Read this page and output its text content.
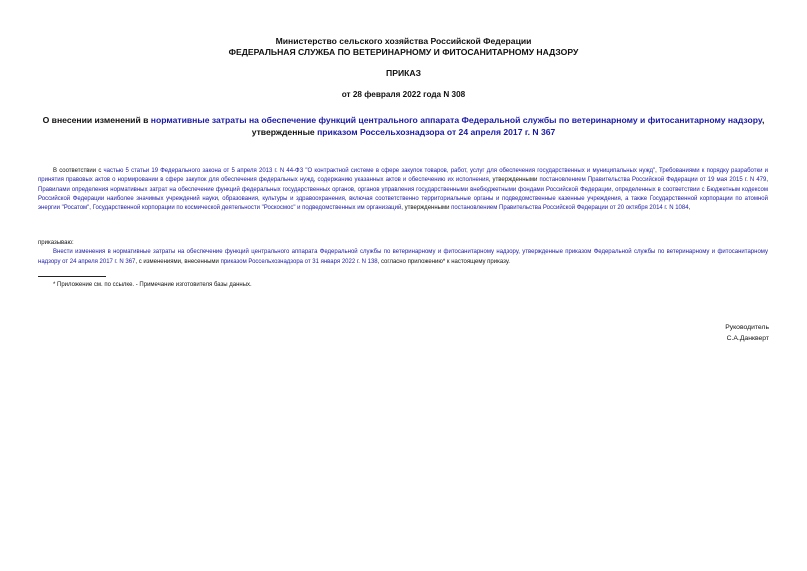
Министерство сельского хозяйства Российской Федерации
ФЕДЕРАЛЬНАЯ СЛУЖБА ПО ВЕТЕРИНАРНОМУ И ФИТОСАНИТАРНОМУ НАДЗОРУ
ПРИКАЗ
от 28 февраля 2022 года N 308
О внесении изменений в нормативные затраты на обеспечение функций центрального аппарата Федеральной службы по ветеринарному и фитосанитарному надзору, утвержденные приказом Россельхознадзора от 24 апреля 2017 г. N 367

В соответствии с частью 5 статьи 19 Федерального закона от 5 апреля 2013 г. N 44-ФЗ "О контрактной системе в сфере закупок товаров, работ, услуг для обеспечения государственных и муниципальных нужд", Требованиями к порядку разработки и принятия правовых актов о нормировании в сфере закупок для обеспечения федеральных нужд, содержанию указанных актов и обеспечению их исполнения, утвержденными постановлением Правительства Российской Федерации от 19 мая 2015 г. N 479, Правилами определения нормативных затрат на обеспечение функций федеральных государственных органов, органов управления государственными внебюджетными фондами Российской Федерации, определенных в соответствии с Бюджетным кодексом Российской Федерации наиболее значимых учреждений науки, образования, культуры и здравоохранения, включая соответственно территориальные органы и подведомственные казенные учреждения, а также Государственной корпорации по атомной энергии "Росатом", Государственной корпорации по космической деятельности "Роскосмос" и подведомственных им организаций, утвержденными постановлением Правительства Российской Федерации от 20 октября 2014 г. N 1084,

приказываю:

Внести изменения в нормативные затраты на обеспечение функций центрального аппарата Федеральной службы по ветеринарному и фитосанитарному надзору, утвержденные приказом Федеральной службы по ветеринарному и фитосанитарному надзору от 24 апреля 2017 г. N 367, с изменениями, внесенными приказом Россельхознадзора от 31 января 2022 г. N 138, согласно приложению* к настоящему приказу.

* Приложение см. по ссылке. - Примечание изготовителя базы данных.
Руководитель
С.А.Данкверт
